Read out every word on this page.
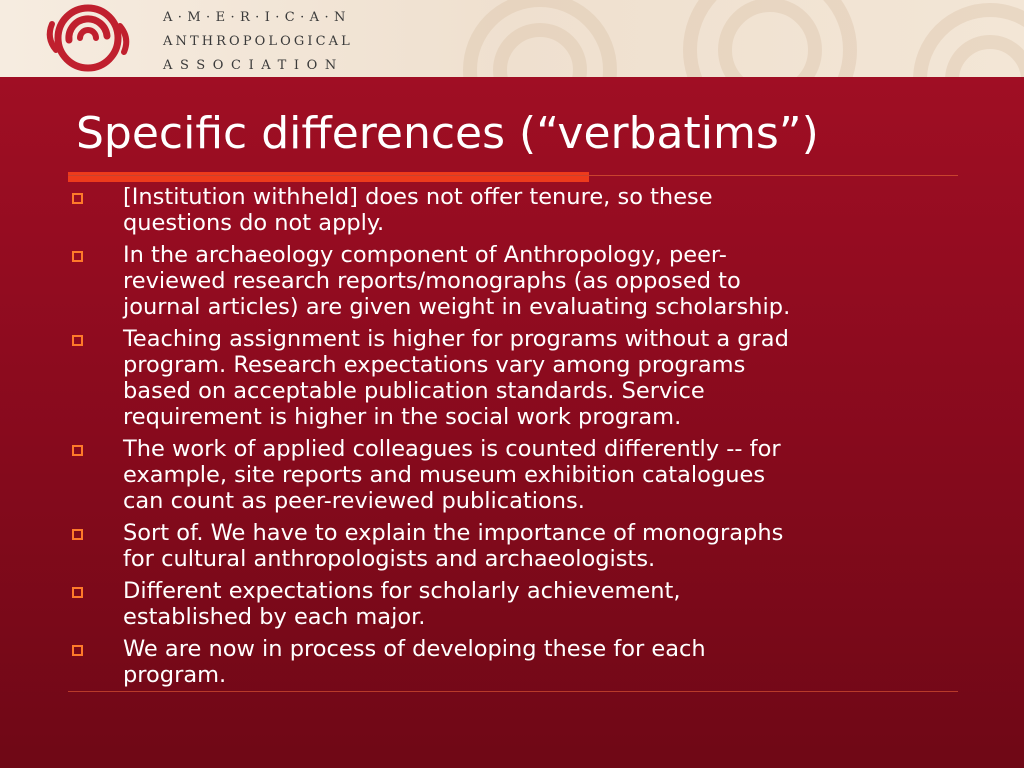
A·M·E·R·I·C·A·N
ANTHROPOLOGICAL
ASSOCIATION
Specific differences (“verbatims”)
[Institution withheld] does not offer tenure, so these
questions do not apply.
In the archaeology component of Anthropology, peer-
reviewed research reports/monographs (as opposed to
journal articles) are given weight in evaluating scholarship.
Teaching assignment is higher for programs without a grad
program. Research expectations vary among programs
based on acceptable publication standards. Service
requirement is higher in the social work program.
The work of applied colleagues is counted differently -- for
example, site reports and museum exhibition catalogues
can count as peer-reviewed publications.
Sort of. We have to explain the importance of monographs
for cultural anthropologists and archaeologists.
Different expectations for scholarly achievement,
established by each major.
We are now in process of developing these for each
program.
